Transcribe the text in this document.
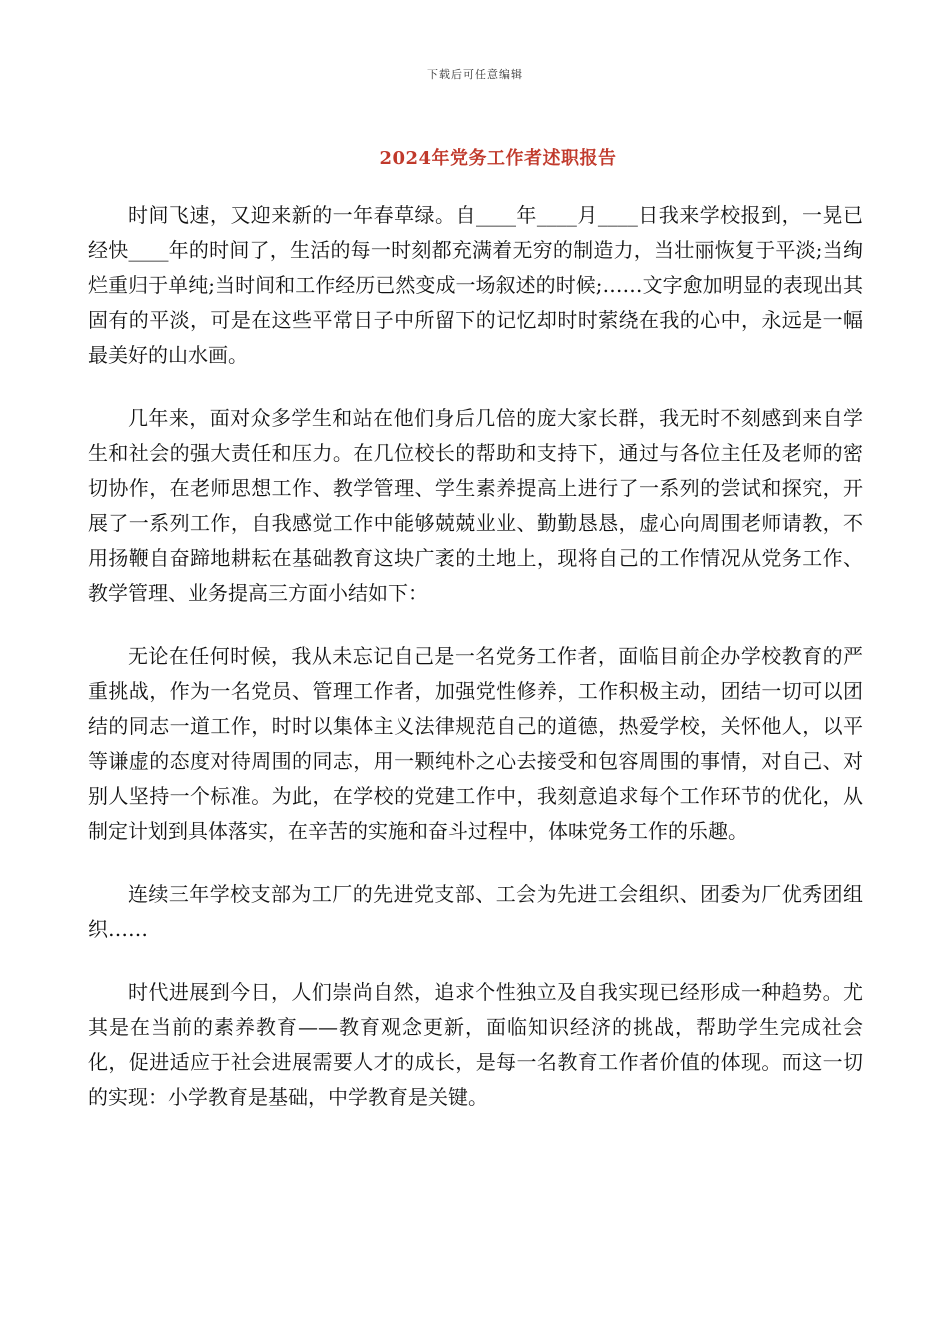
下载后可任意编辑
2024年党务工作者述职报告

时间飞速，又迎来新的一年春草绿。自____年____月____日我来学校报到，一晃已经快____年的时间了，生活的每一时刻都充满着无穷的制造力，当壮丽恢复于平淡;当绚烂重归于单纯;当时间和工作经历已然变成一场叙述的时候;……文字愈加明显的表现出其固有的平淡，可是在这些平常日子中所留下的记忆却时时萦绕在我的心中，永远是一幅最美好的山水画。

几年来，面对众多学生和站在他们身后几倍的庞大家长群，我无时不刻感到来自学生和社会的强大责任和压力。在几位校长的帮助和支持下，通过与各位主任及老师的密切协作，在老师思想工作、教学管理、学生素养提高上进行了一系列的尝试和探究，开展了一系列工作，自我感觉工作中能够兢兢业业、勤勤恳恳，虚心向周围老师请教，不用扬鞭自奋蹄地耕耘在基础教育这块广袤的土地上，现将自己的工作情况从党务工作、教学管理、业务提高三方面小结如下：

无论在任何时候，我从未忘记自己是一名党务工作者，面临目前企办学校教育的严重挑战，作为一名党员、管理工作者，加强党性修养，工作积极主动，团结一切可以团结的同志一道工作，时时以集体主义法律规范自己的道德，热爱学校，关怀他人，以平等谦虚的态度对待周围的同志，用一颗纯朴之心去接受和包容周围的事情，对自己、对别人坚持一个标准。为此，在学校的党建工作中，我刻意追求每个工作环节的优化，从制定计划到具体落实，在辛苦的实施和奋斗过程中，体味党务工作的乐趣。

连续三年学校支部为工厂的先进党支部、工会为先进工会组织、团委为厂优秀团组织……

时代进展到今日，人们崇尚自然，追求个性独立及自我实现已经形成一种趋势。尤其是在当前的素养教育——教育观念更新，面临知识经济的挑战，帮助学生完成社会化，促进适应于社会进展需要人才的成长，是每一名教育工作者价值的体现。而这一切的实现：小学教育是基础，中学教育是关键。
